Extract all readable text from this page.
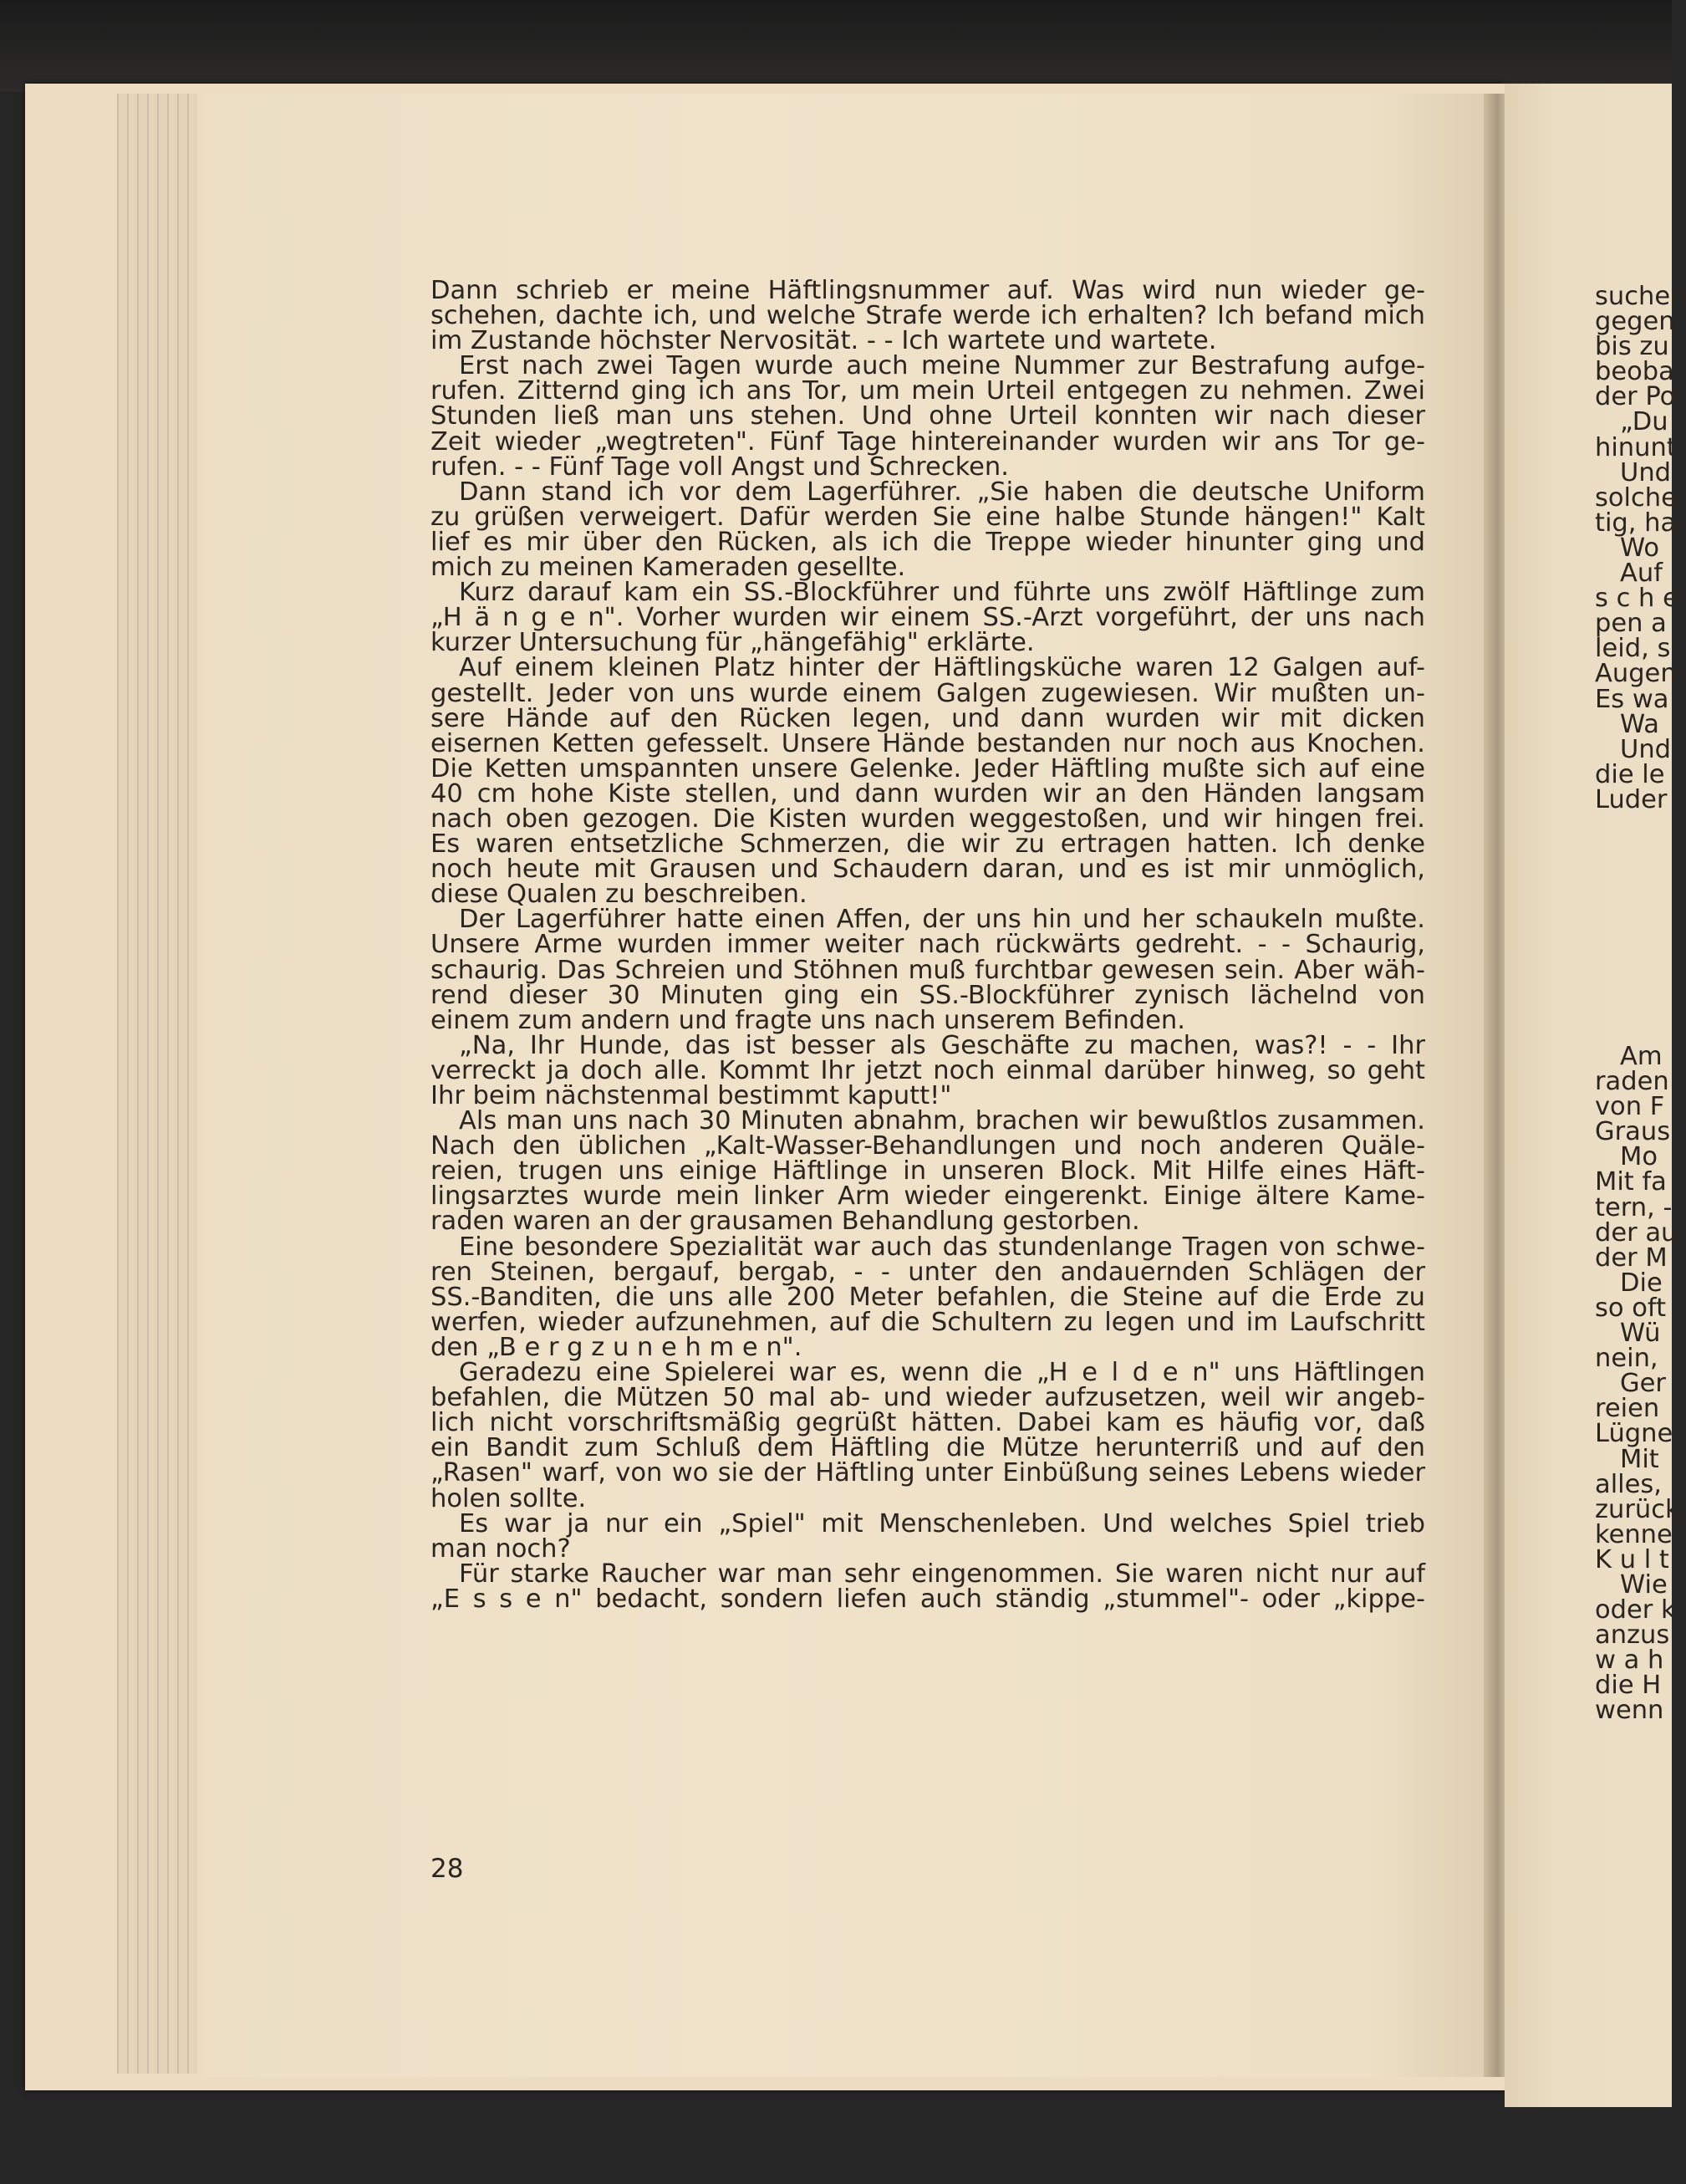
Dann schrieb er meine Häftlingsnummer auf. Was wird nun wieder ge-
schehen, dachte ich, und welche Strafe werde ich erhalten? Ich befand mich
im Zustande höchster Nervosität. - - Ich wartete und wartete.
Erst nach zwei Tagen wurde auch meine Nummer zur Bestrafung aufge-
rufen. Zitternd ging ich ans Tor, um mein Urteil entgegen zu nehmen. Zwei
Stunden ließ man uns stehen. Und ohne Urteil konnten wir nach dieser
Zeit wieder „wegtreten". Fünf Tage hintereinander wurden wir ans Tor ge-
rufen. - - Fünf Tage voll Angst und Schrecken.
Dann stand ich vor dem Lagerführer. „Sie haben die deutsche Uniform
zu grüßen verweigert. Dafür werden Sie eine halbe Stunde hängen!" Kalt
lief es mir über den Rücken, als ich die Treppe wieder hinunter ging und
mich zu meinen Kameraden gesellte.
Kurz darauf kam ein SS.-Blockführer und führte uns zwölf Häftlinge zum
„H ä n g e n". Vorher wurden wir einem SS.-Arzt vorgeführt, der uns nach
kurzer Untersuchung für „hängefähig" erklärte.
Auf einem kleinen Platz hinter der Häftlingsküche waren 12 Galgen auf-
gestellt. Jeder von uns wurde einem Galgen zugewiesen. Wir mußten un-
sere Hände auf den Rücken legen, und dann wurden wir mit dicken
eisernen Ketten gefesselt. Unsere Hände bestanden nur noch aus Knochen.
Die Ketten umspannten unsere Gelenke. Jeder Häftling mußte sich auf eine
40 cm hohe Kiste stellen, und dann wurden wir an den Händen langsam
nach oben gezogen. Die Kisten wurden weggestoßen, und wir hingen frei.
Es waren entsetzliche Schmerzen, die wir zu ertragen hatten. Ich denke
noch heute mit Grausen und Schaudern daran, und es ist mir unmöglich,
diese Qualen zu beschreiben.
Der Lagerführer hatte einen Affen, der uns hin und her schaukeln mußte.
Unsere Arme wurden immer weiter nach rückwärts gedreht. - - Schaurig,
schaurig. Das Schreien und Stöhnen muß furchtbar gewesen sein. Aber wäh-
rend dieser 30 Minuten ging ein SS.-Blockführer zynisch lächelnd von
einem zum andern und fragte uns nach unserem Befinden.
„Na, Ihr Hunde, das ist besser als Geschäfte zu machen, was?! - - Ihr
verreckt ja doch alle. Kommt Ihr jetzt noch einmal darüber hinweg, so geht
Ihr beim nächstenmal bestimmt kaputt!"
Als man uns nach 30 Minuten abnahm, brachen wir bewußtlos zusammen.
Nach den üblichen „Kalt-Wasser-Behandlungen und noch anderen Quäle-
reien, trugen uns einige Häftlinge in unseren Block. Mit Hilfe eines Häft-
lingsarztes wurde mein linker Arm wieder eingerenkt. Einige ältere Kame-
raden waren an der grausamen Behandlung gestorben.
Eine besondere Spezialität war auch das stundenlange Tragen von schwe-
ren Steinen, bergauf, bergab, - - unter den andauernden Schlägen der
SS.-Banditen, die uns alle 200 Meter befahlen, die Steine auf die Erde zu
werfen, wieder aufzunehmen, auf die Schultern zu legen und im Laufschritt
den „B e r g z u n e h m e n".
Geradezu eine Spielerei war es, wenn die „H e l d e n" uns Häftlingen
befahlen, die Mützen 50 mal ab- und wieder aufzusetzen, weil wir angeb-
lich nicht vorschriftsmäßig gegrüßt hätten. Dabei kam es häufig vor, daß
ein Bandit zum Schluß dem Häftling die Mütze herunterriß und auf den
„Rasen" warf, von wo sie der Häftling unter Einbüßung seines Lebens wieder
holen sollte.
Es war ja nur ein „Spiel" mit Menschenleben. Und welches Spiel trieb
man noch?
Für starke Raucher war man sehr eingenommen. Sie waren nicht nur auf
„E s s e n" bedacht, sondern liefen auch ständig „stummel"- oder „kippe-
28
suchen
gegen
bis zu
beoba
der Po
„Du
hinunt
Und
solche
tig, ha
Wo
Auf
s c h e
pen a
leid, s
Augen
Es wa
Wa
Und
die le
Luder
Am
raden
von F
Graus
Mo
Mit fa
tern, -
der au
der M
Die
so oft
Wü
nein,
Ger
reien
Lügne
Mit
alles,
zurück
kenne
K u l t
Wie
oder k
anzus
w a h
die H
wenn
